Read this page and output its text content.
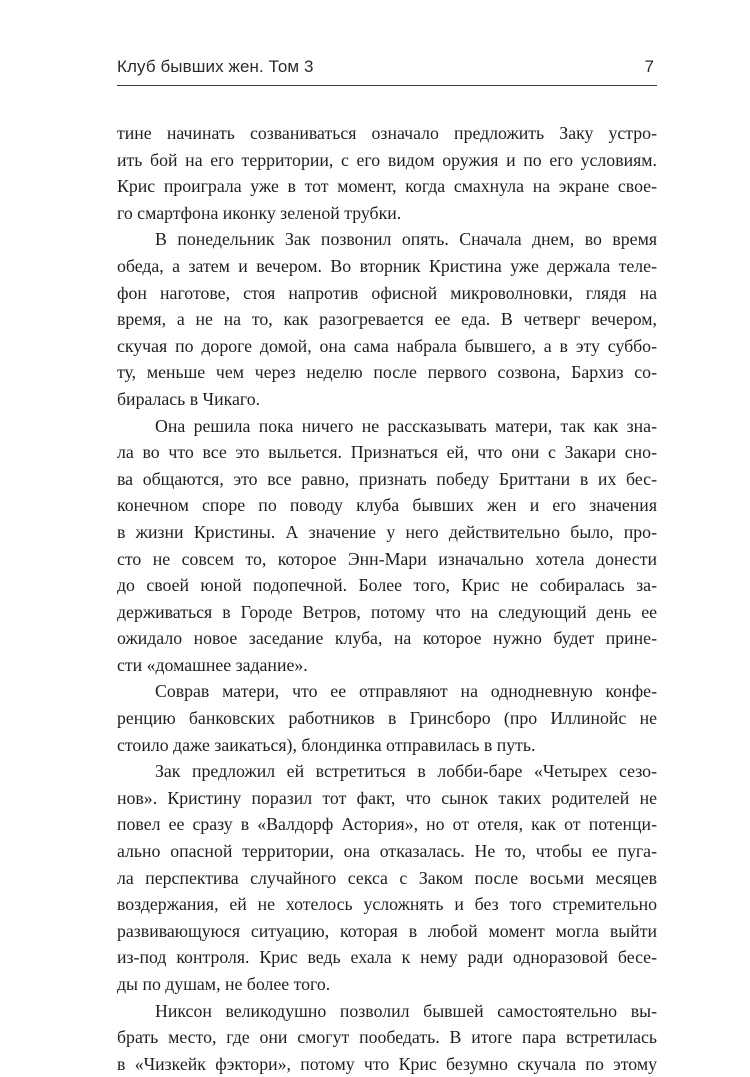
Клуб бывших жен. Том 3	7

тине начинать созваниваться означало предложить Заку устро-
ить бой на его территории, с его видом оружия и по его условиям.
Крис проиграла уже в тот момент, когда смахнула на экране свое-
го смартфона иконку зеленой трубки.

В понедельник Зак позвонил опять. Сначала днем, во время
обеда, а затем и вечером. Во вторник Кристина уже держала теле-
фон наготове, стоя напротив офисной микроволновки, глядя на
время, а не на то, как разогревается ее еда. В четверг вечером,
скучая по дороге домой, она сама набрала бывшего, а в эту суббо-
ту, меньше чем через неделю после первого созвона, Бархиз со-
биралась в Чикаго.

Она решила пока ничего не рассказывать матери, так как зна-
ла во что все это выльется. Признаться ей, что они с Закари сно-
ва общаются, это все равно, признать победу Бриттани в их бес-
конечном споре по поводу клуба бывших жен и его значения
в жизни Кристины. А значение у него действительно было, про-
сто не совсем то, которое Энн-Мари изначально хотела донести
до своей юной подопечной. Более того, Крис не собиралась за-
держиваться в Городе Ветров, потому что на следующий день ее
ожидало новое заседание клуба, на которое нужно будет прине-
сти «домашнее задание».

Соврав матери, что ее отправляют на однодневную конфе-
ренцию банковских работников в Гринсборо (про Иллинойс не
стоило даже заикаться), блондинка отправилась в путь.

Зак предложил ей встретиться в лобби-баре «Четырех сезо-
нов». Кристину поразил тот факт, что сынок таких родителей не
повел ее сразу в «Валдорф Астория», но от отеля, как от потенци-
ально опасной территории, она отказалась. Не то, чтобы ее пуга-
ла перспектива случайного секса с Заком после восьми месяцев
воздержания, ей не хотелось усложнять и без того стремительно
развивающуюся ситуацию, которая в любой момент могла выйти
из-под контроля. Крис ведь ехала к нему ради одноразовой бесе-
ды по душам, не более того.

Никсон великодушно позволил бывшей самостоятельно вы-
брать место, где они смогут пообедать. В итоге пара встретилась
в «Чизкейк фэктори», потому что Крис безумно скучала по этому
